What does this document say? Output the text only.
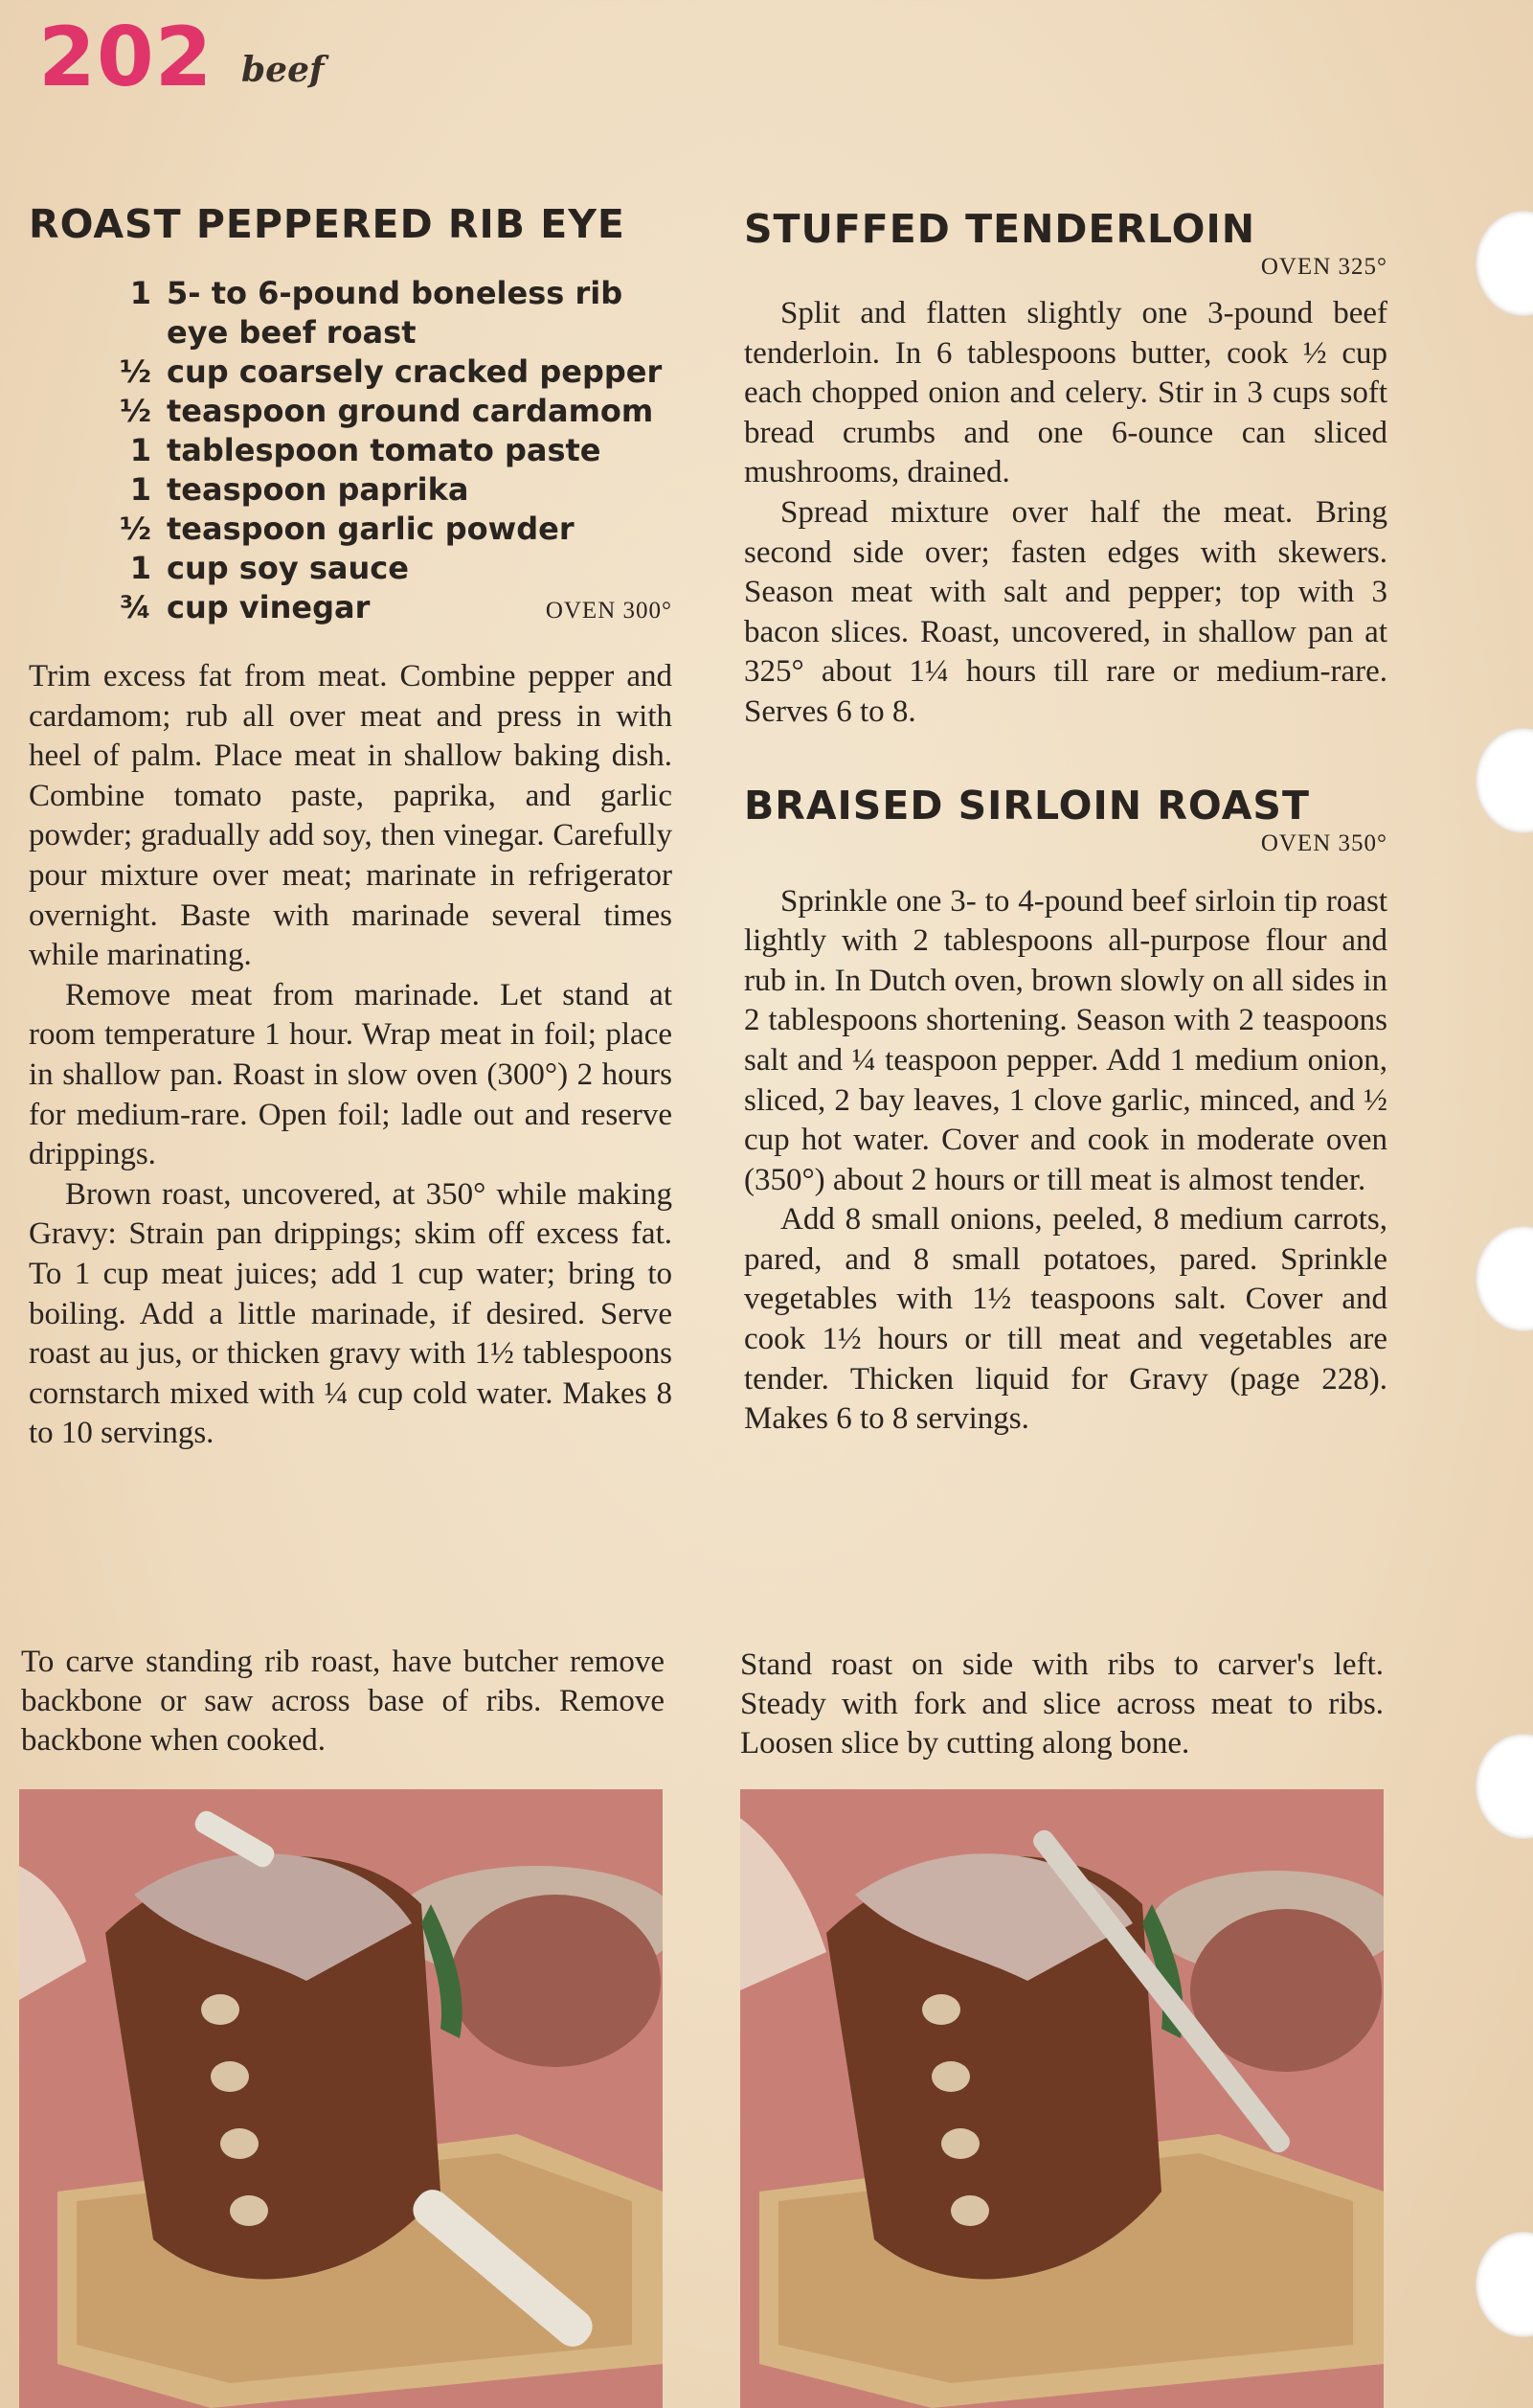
202 beef
ROAST PEPPERED RIB EYE
1 5- to 6-pound boneless rib
eye beef roast
½ cup coarsely cracked pepper
½ teaspoon ground cardamom
1 tablespoon tomato paste
1 teaspoon paprika
½ teaspoon garlic powder
1 cup soy sauce
¾ cup vinegar	OVEN 300°

Trim excess fat from meat. Combine pepper and cardamom; rub all over meat and press in with heel of palm. Place meat in shallow baking dish. Combine tomato paste, paprika, and garlic powder; gradually add soy, then vinegar. Carefully pour mixture over meat; marinate in refrigerator overnight. Baste with marinade several times while marinating.

Remove meat from marinade. Let stand at room temperature 1 hour. Wrap meat in foil; place in shallow pan. Roast in slow oven (300°) 2 hours for medium-rare. Open foil; ladle out and reserve drippings.

Brown roast, uncovered, at 350° while making Gravy: Strain pan drippings; skim off excess fat. To 1 cup meat juices; add 1 cup water; bring to boiling. Add a little marinade, if desired. Serve roast au jus, or thicken gravy with 1½ tablespoons cornstarch mixed with ¼ cup cold water. Makes 8 to 10 servings.

STUFFED TENDERLOIN
OVEN 325°

Split and flatten slightly one 3-pound beef tenderloin. In 6 tablespoons butter, cook ½ cup each chopped onion and celery. Stir in 3 cups soft bread crumbs and one 6-ounce can sliced mushrooms, drained.

Spread mixture over half the meat. Bring second side over; fasten edges with skewers. Season meat with salt and pepper; top with 3 bacon slices. Roast, uncovered, in shallow pan at 325° about 1¼ hours till rare or medium-rare. Serves 6 to 8.

BRAISED SIRLOIN ROAST
OVEN 350°

Sprinkle one 3- to 4-pound beef sirloin tip roast lightly with 2 tablespoons all-purpose flour and rub in. In Dutch oven, brown slowly on all sides in 2 tablespoons shortening. Season with 2 teaspoons salt and ¼ teaspoon pepper. Add 1 medium onion, sliced, 2 bay leaves, 1 clove garlic, minced, and ½ cup hot water. Cover and cook in moderate oven (350°) about 2 hours or till meat is almost tender.

Add 8 small onions, peeled, 8 medium carrots, pared, and 8 small potatoes, pared. Sprinkle vegetables with 1½ teaspoons salt. Cover and cook 1½ hours or till meat and vegetables are tender. Thicken liquid for Gravy (page 228). Makes 6 to 8 servings.

To carve standing rib roast, have butcher remove backbone or saw across base of ribs. Remove backbone when cooked.
Stand roast on side with ribs to carver's left. Steady with fork and slice across meat to ribs. Loosen slice by cutting along bone.
